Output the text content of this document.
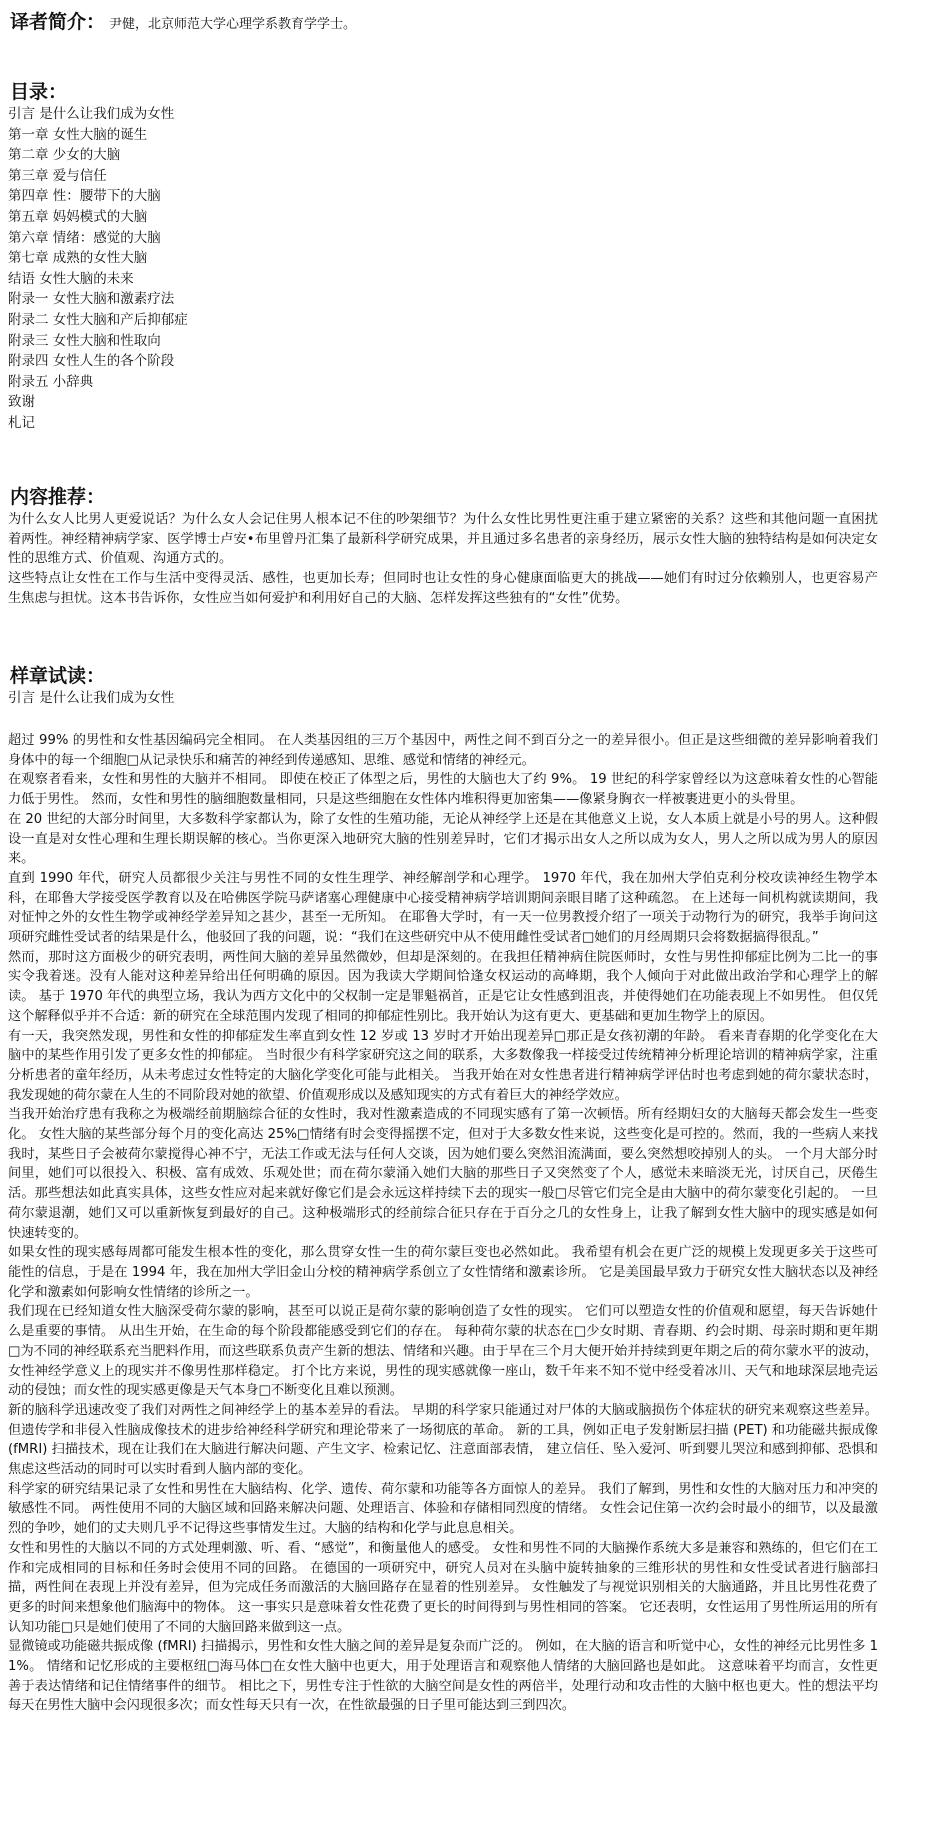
译者简介： 尹健，北京师范大学心理学系教育学学士。

目录：
引言 是什么让我们成为女性
第一章 女性大脑的诞生
第二章 少女的大脑
第三章 爱与信任
第四章 性：腰带下的大脑
第五章 妈妈模式的大脑
第六章 情绪：感觉的大脑
第七章 成熟的女性大脑
结语 女性大脑的未来
附录一 女性大脑和激素疗法
附录二 女性大脑和产后抑郁症
附录三 女性大脑和性取向
附录四 女性人生的各个阶段
附录五 小辞典
致谢
札记
内容推荐：

为什么女人比男人更爱说话？为什么女人会记住男人根本记不住的吵架细节？为什么女性比男性更注重于建立紧密的关系？这些和其他问题一直困扰着两性。神经精神病学家、医学博士卢安•布里曾丹汇集了最新科学研究成果，并且通过多名患者的亲身经历，展示女性大脑的独特结构是如何决定女性的思维方式、价值观、沟通方式的。

这些特点让女性在工作与生活中变得灵活、感性，也更加长寿；但同时也让女性的身心健康面临更大的挑战——她们有时过分依赖别人，也更容易产生焦虑与担忧。这本书告诉你，女性应当如何爱护和利用好自己的大脑、怎样发挥这些独有的“女性”优势。

样章试读：

引言 是什么让我们成为女性

超过 99% 的男性和女性基因编码完全相同。 在人类基因组的三万个基因中，两性之间不到百分之一的差异很小。但正是这些细微的差异影响着我们身体中的每一个细胞□从记录快乐和痛苦的神经到传递感知、思维、感觉和情绪的神经元。

在观察者看来，女性和男性的大脑并不相同。 即使在校正了体型之后，男性的大脑也大了约 9%。 19 世纪的科学家曾经以为这意味着女性的心智能力低于男性。 然而，女性和男性的脑细胞数量相同，只是这些细胞在女性体内堆积得更加密集——像紧身胸衣一样被裹进更小的头骨里。

在 20 世纪的大部分时间里，大多数科学家都认为，除了女性的生殖功能，无论从神经学上还是在其他意义上说，女人本质上就是小号的男人。这种假设一直是对女性心理和生理长期误解的核心。当你更深入地研究大脑的性别差异时，它们才揭示出女人之所以成为女人，男人之所以成为男人的原因来。

直到 1990 年代，研究人员都很少关注与男性不同的女性生理学、神经解剖学和心理学。 1970 年代，我在加州大学伯克利分校攻读神经生物学本科，在耶鲁大学接受医学教育以及在哈佛医学院马萨诸塞心理健康中心接受精神病学培训期间亲眼目睹了这种疏忽。 在上述每一间机构就读期间，我对怔忡之外的女性生物学或神经学差异知之甚少，甚至一无所知。 在耶鲁大学时，有一天一位男教授介绍了一项关于动物行为的研究，我举手询问这项研究雌性受试者的结果是什么，他驳回了我的问题，说：“我们在这些研究中从不使用雌性受试者□她们的月经周期只会将数据搞得很乱。”

然而，那时这方面极少的研究表明，两性间大脑的差异虽然微妙，但却是深刻的。在我担任精神病住院医师时，女性与男性抑郁症比例为二比一的事实令我着迷。没有人能对这种差异给出任何明确的原因。因为我读大学期间恰逢女权运动的高峰期，我个人倾向于对此做出政治学和心理学上的解读。 基于 1970 年代的典型立场，我认为西方文化中的父权制一定是罪魁祸首，正是它让女性感到沮丧，并使得她们在功能表现上不如男性。 但仅凭这个解释似乎并不合适：新的研究在全球范围内发现了相同的抑郁症性别比。我开始认为这有更大、更基础和更加生物学上的原因。

有一天，我突然发现，男性和女性的抑郁症发生率直到女性 12 岁或 13 岁时才开始出现差异□那正是女孩初潮的年龄。 看来青春期的化学变化在大脑中的某些作用引发了更多女性的抑郁症。 当时很少有科学家研究这之间的联系，大多数像我一样接受过传统精神分析理论培训的精神病学家，注重分析患者的童年经历，从未考虑过女性特定的大脑化学变化可能与此相关。 当我开始在对女性患者进行精神病学评估时也考虑到她的荷尔蒙状态时，我发现她的荷尔蒙在人生的不同阶段对她的欲望、价值观形成以及感知现实的方式有着巨大的神经学效应。

当我开始治疗患有我称之为极端经前期脑综合征的女性时，我对性激素造成的不同现实感有了第一次顿悟。所有经期妇女的大脑每天都会发生一些变化。 女性大脑的某些部分每个月的变化高达 25%□情绪有时会变得摇摆不定，但对于大多数女性来说，这些变化是可控的。然而，我的一些病人来找我时，某些日子会被荷尔蒙搅得心神不宁，无法工作或无法与任何人交谈，因为她们要么突然泪流满面，要么突然想咬掉别人的头。 一个月大部分时间里，她们可以很投入、积极、富有成效、乐观处世；而在荷尔蒙涌入她们大脑的那些日子又突然变了个人，感觉未来暗淡无光，讨厌自己，厌倦生活。那些想法如此真实具体，这些女性应对起来就好像它们是会永远这样持续下去的现实一般□尽管它们完全是由大脑中的荷尔蒙变化引起的。 一旦荷尔蒙退潮，她们又可以重新恢复到最好的自己。这种极端形式的经前综合征只存在于百分之几的女性身上，让我了解到女性大脑中的现实感是如何快速转变的。

如果女性的现实感每周都可能发生根本性的变化，那么贯穿女性一生的荷尔蒙巨变也必然如此。 我希望有机会在更广泛的规模上发现更多关于这些可能性的信息，于是在 1994 年，我在加州大学旧金山分校的精神病学系创立了女性情绪和激素诊所。 它是美国最早致力于研究女性大脑状态以及神经化学和激素如何影响女性情绪的诊所之一。

我们现在已经知道女性大脑深受荷尔蒙的影响，甚至可以说正是荷尔蒙的影响创造了女性的现实。 它们可以塑造女性的价值观和愿望，每天告诉她什么是重要的事情。 从出生开始，在生命的每个阶段都能感受到它们的存在。 每种荷尔蒙的状态在□少女时期、青春期、约会时期、母亲时期和更年期□为不同的神经联系充当肥料作用，而这些联系负责产生新的想法、情绪和兴趣。由于早在三个月大便开始并持续到更年期之后的荷尔蒙水平的波动，女性神经学意义上的现实并不像男性那样稳定。 打个比方来说，男性的现实感就像一座山，数千年来不知不觉中经受着冰川、天气和地球深层地壳运动的侵蚀；而女性的现实感更像是天气本身□不断变化且难以预测。

新的脑科学迅速改变了我们对两性之间神经学上的基本差异的看法。 早期的科学家只能通过对尸体的大脑或脑损伤个体症状的研究来观察这些差异。 但遗传学和非侵入性脑成像技术的进步给神经科学研究和理论带来了一场彻底的革命。 新的工具，例如正电子发射断层扫描 (PET) 和功能磁共振成像 (fMRI) 扫描技术，现在让我们在大脑进行解决问题、产生文字、检索记忆、注意面部表情， 建立信任、坠入爱河、听到婴儿哭泣和感到抑郁、恐惧和焦虑这些活动的同时可以实时看到人脑内部的变化。

科学家的研究结果记录了女性和男性在大脑结构、化学、遗传、荷尔蒙和功能等各方面惊人的差异。 我们了解到，男性和女性的大脑对压力和冲突的敏感性不同。 两性使用不同的大脑区域和回路来解决问题、处理语言、体验和存储相同烈度的情绪。 女性会记住第一次约会时最小的细节，以及最激烈的争吵，她们的丈夫则几乎不记得这些事情发生过。大脑的结构和化学与此息息相关。

女性和男性的大脑以不同的方式处理刺激、听、看、“感觉”，和衡量他人的感受。 女性和男性不同的大脑操作系统大多是兼容和熟练的，但它们在工作和完成相同的目标和任务时会使用不同的回路。 在德国的一项研究中，研究人员对在头脑中旋转抽象的三维形状的男性和女性受试者进行脑部扫描，两性间在表现上并没有差异，但为完成任务而激活的大脑回路存在显着的性别差异。 女性触发了与视觉识别相关的大脑通路，并且比男性花费了更多的时间来想象他们脑海中的物体。 这一事实只是意味着女性花费了更长的时间得到与男性相同的答案。 它还表明，女性运用了男性所运用的所有认知功能□只是她们使用了不同的大脑回路来做到这一点。

显微镜或功能磁共振成像 (fMRI) 扫描揭示，男性和女性大脑之间的差异是复杂而广泛的。 例如，在大脑的语言和听觉中心，女性的神经元比男性多 11%。 情绪和记忆形成的主要枢纽□海马体□在女性大脑中也更大，用于处理语言和观察他人情绪的大脑回路也是如此。 这意味着平均而言，女性更善于表达情绪和记住情绪事件的细节。 相比之下，男性专注于性欲的大脑空间是女性的两倍半，处理行动和攻击性的大脑中枢也更大。性的想法平均每天在男性大脑中会闪现很多次；而女性每天只有一次，在性欲最强的日子里可能达到三到四次。
